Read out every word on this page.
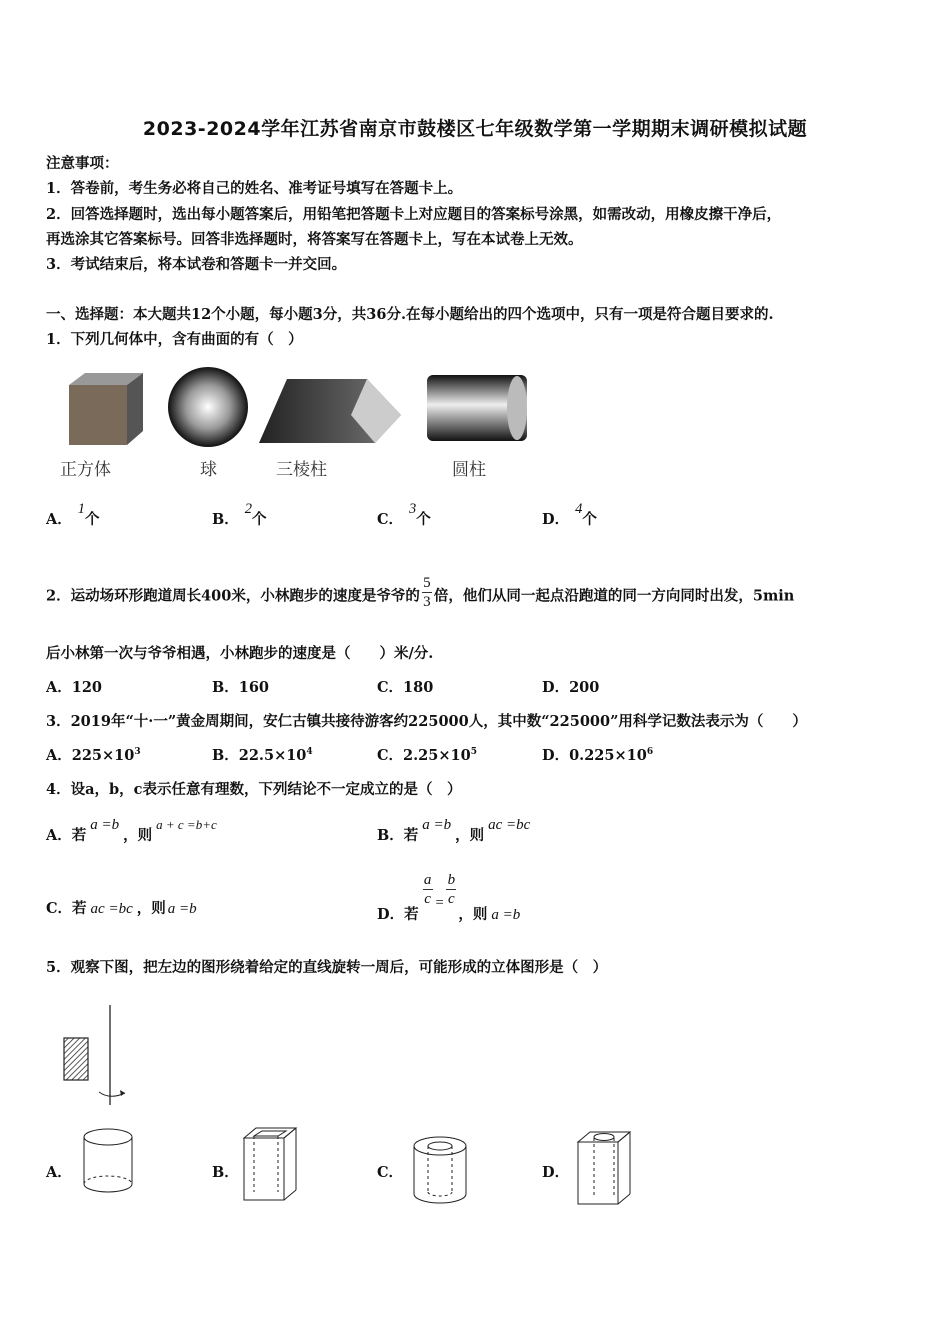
2023-2024学年江苏省南京市鼓楼区七年级数学第一学期期末调研模拟试题
注意事项：
1．答卷前，考生务必将自己的姓名、准考证号填写在答题卡上。
2．回答选择题时，选出每小题答案后，用铅笔把答题卡上对应题目的答案标号涂黑，如需改动，用橡皮擦干净后，
再选涂其它答案标号。回答非选择题时，将答案写在答题卡上，写在本试卷上无效。
3．考试结束后，将本试卷和答题卡一并交回。
一、选择题：本大题共12个小题，每小题3分，共36分.在每小题给出的四个选项中，只有一项是符合题目要求的.
1．下列几何体中，含有曲面的有（　）
正方体	球	三棱柱	圆柱
A．1个	B．2个	C．3个	D．4个
2．运动场环形跑道周长400米，小林跑步的速度是爷爷的 $\frac{5}{3}$ 倍，他们从同一起点沿跑道的同一方向同时出发，5min
后小林第一次与爷爷相遇，小林跑步的速度是（　　）米/分.
A．120	B．160	C．180	D．200
3．2019年“十·一”黄金周期间，安仁古镇共接待游客约225000人，其中数“225000”用科学记数法表示为（　　）
A．$225\times 10^3$	B．$22.5\times 10^4$	C．$2.25\times 10^5$	D．$0.225\times 10^6$
4．设a，b，c表示任意有理数，下列结论不一定成立的是（　）
A．若a =b，则a + c =b+c
B．若a =b，则ac =bc
C．若 ac =bc ，则 a =b	D．若
$\frac{a}{c} = \frac{b}{c}$
，则 a =b
5．观察下图，把左边的图形绕着给定的直线旋转一周后，可能形成的立体图形是（　）
A．	B．	C．	D．
